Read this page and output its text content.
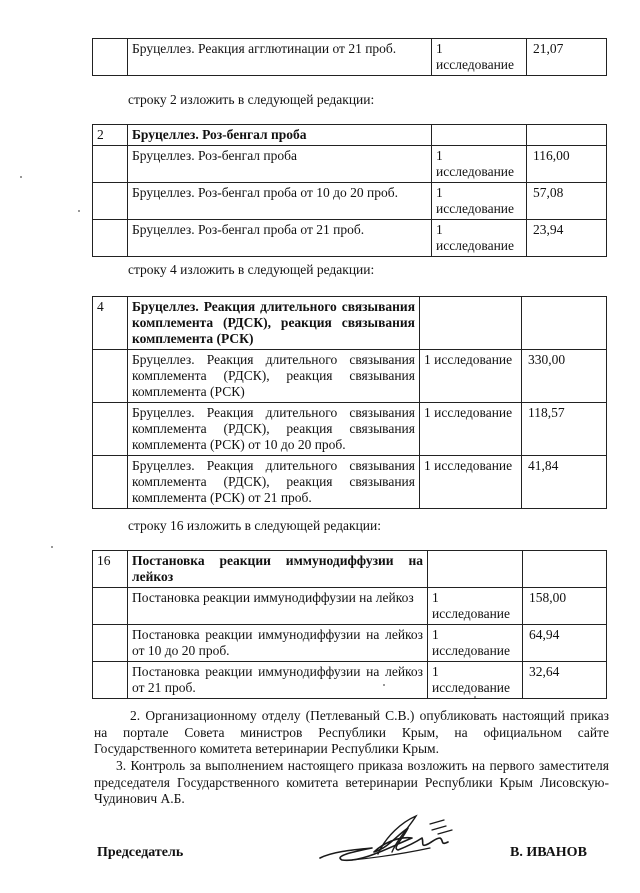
	Бруцеллез. Реакция агглютинации от 21 проб.	1 исследование	21,07
строку 2 изложить в следующей редакции:
2	Бруцеллез. Роз-бенгал проба		
	Бруцеллез. Роз-бенгал проба	1 исследование	116,00
	Бруцеллез. Роз-бенгал проба от 10 до 20 проб.	1 исследование	57,08
	Бруцеллез. Роз-бенгал проба от 21 проб.	1 исследование	23,94
строку 4 изложить в следующей редакции:
4	Бруцеллез. Реакция длительного связывания комплемента (РДСК), реакция связывания комплемента (РСК)		
	Бруцеллез. Реакция длительного связывания комплемента (РДСК), реакция связывания комплемента (РСК)	1 исследование	330,00
	Бруцеллез. Реакция длительного связывания комплемента (РДСК), реакция связывания комплемента (РСК) от 10 до 20 проб.	1 исследование	118,57
	Бруцеллез. Реакция длительного связывания комплемента (РДСК), реакция связывания комплемента (РСК) от 21 проб.	1 исследование	41,84
строку 16 изложить в следующей редакции:
16	Постановка реакции иммунодиффузии на лейкоз		
	Постановка реакции иммунодиффузии на лейкоз	1 исследование	158,00
	Постановка реакции иммунодиффузии на лейкоз от 10 до 20 проб.	1 исследование	64,94
	Постановка реакции иммунодиффузии на лейкоз от 21 проб.	1 исследование	32,64
2. Организационному отделу (Петлеваный С.В.) опубликовать настоящий приказ на портале Совета министров Республики Крым, на официальном сайте Государственного комитета ветеринарии Республики Крым.
3. Контроль за выполнением настоящего приказа возложить на первого заместителя председателя Государственного комитета ветеринарии Республики Крым Лисовскую-Чудинович А.Б.
Председатель	В. ИВАНОВ
